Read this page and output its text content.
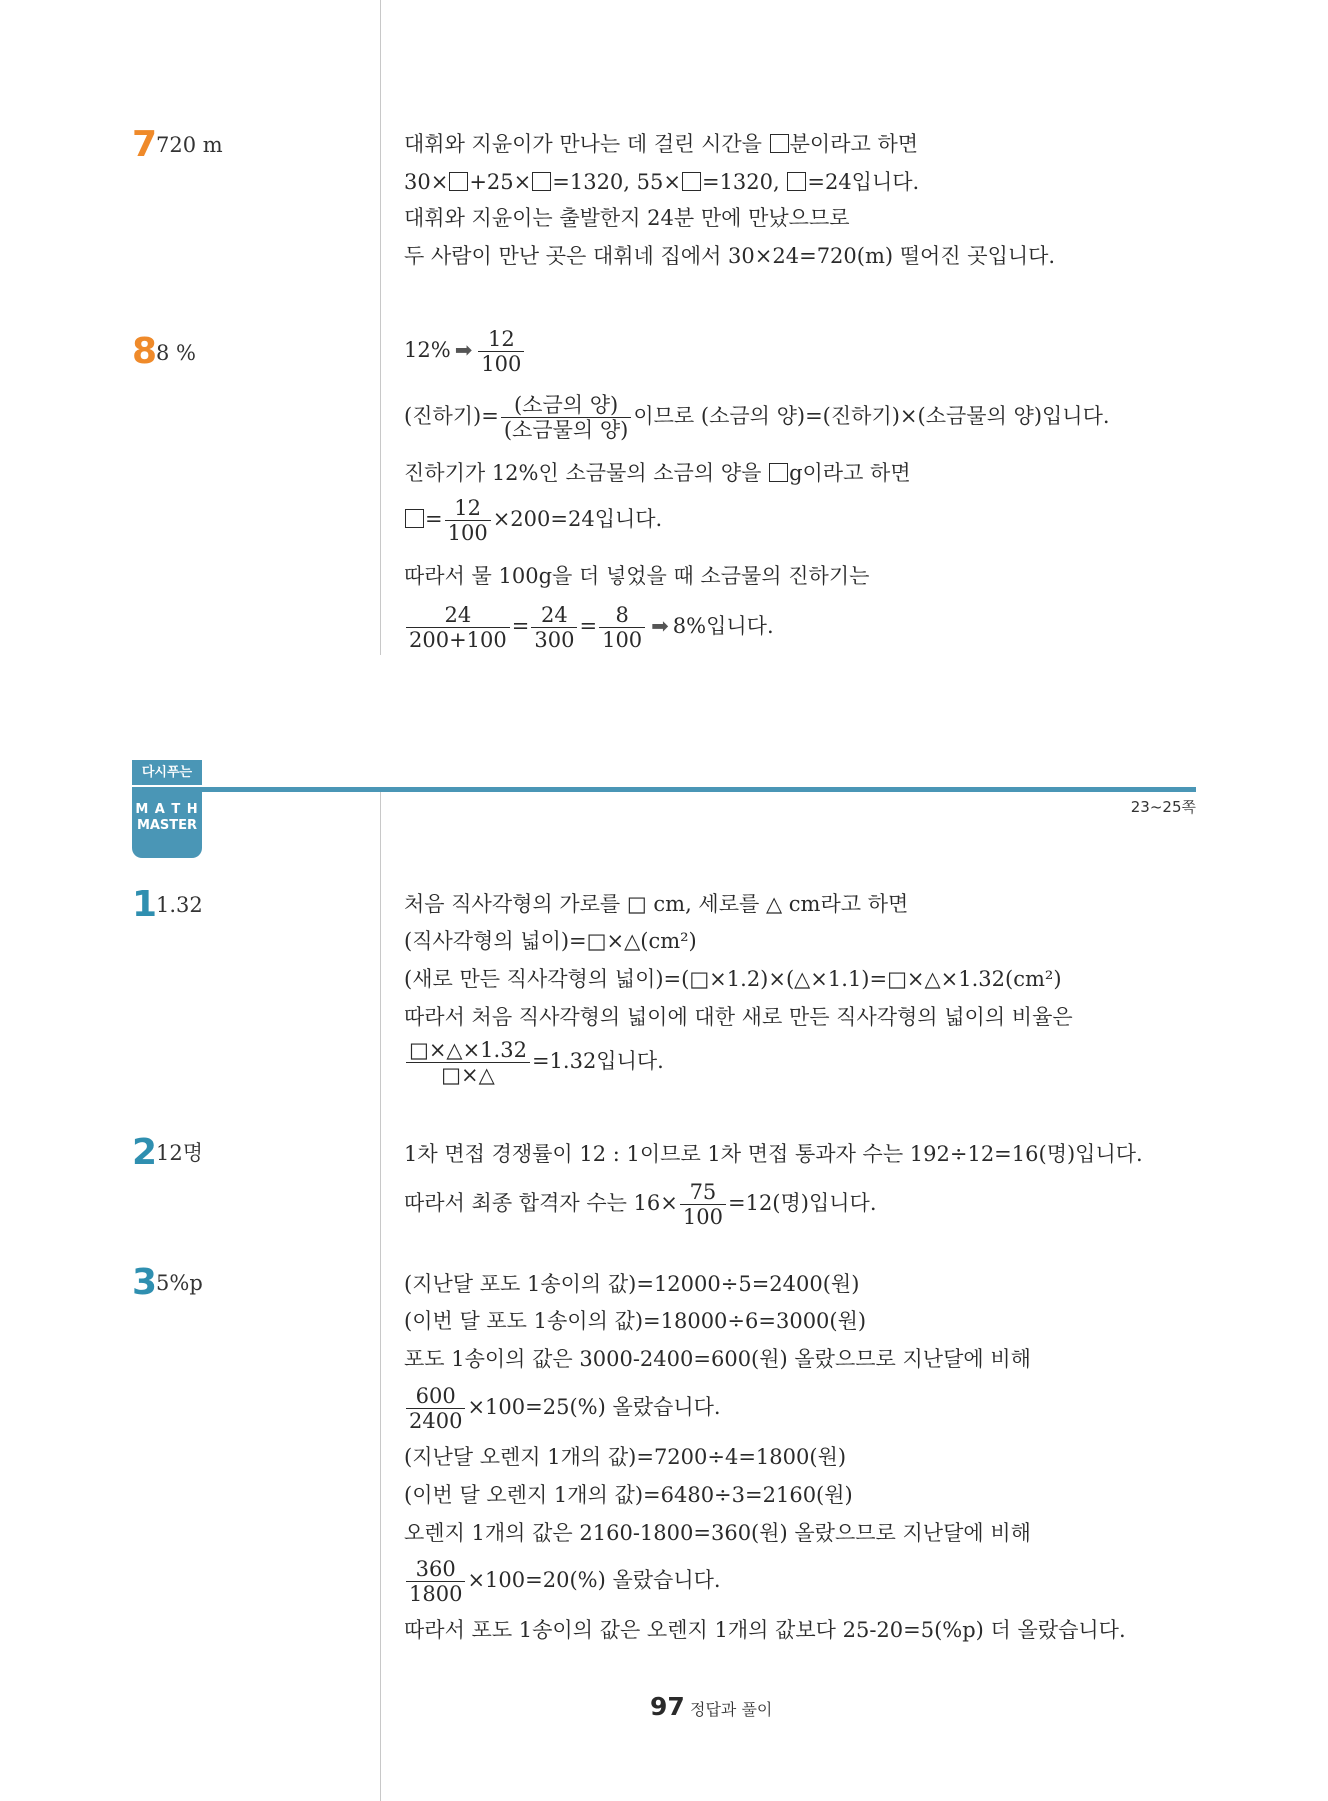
7
720 m	대휘와 지윤이가 만나는 데 걸린 시간을 분이라고 하면
30× +25× =1320, 55× =1320, =24입니다.
대휘와 지윤이는 출발한지 24분 만에 만났으므로
두 사람이 만난 곳은 대휘네 집에서 30×24=720(m) 떨어진 곳입니다.
8
8 %	12% ➡ $\frac{12}{100}$
(진하기)= $\frac{\text{(소금의 양)}}{\text{(소금물의 양)}}$ 이므로 (소금의 양)=(진하기)×(소금물의 양)입니다.
진하기가 12%인 소금물의 소금의 양을 g이라고 하면
= $\frac{12}{100} \times 200=24$입니다.
따라서 물 100g을 더 넣었을 때 소금물의 진하기는
$\frac{24}{200+100} = \frac{24}{300} = \frac{8}{100}$ ➡ 8%입니다.
다시푸는
M A T H
MASTER
23~25쪽
1
1.32	처음 직사각형의 가로를 □ cm, 세로를 △ cm라고 하면
(직사각형의 넓이)=□×△(cm²)
(새로 만든 직사각형의 넓이)=(□×1.2)×(△×1.1)=□×△×1.32(cm²)
따라서 처음 직사각형의 넓이에 대한 새로 만든 직사각형의 넓이의 비율은
$\frac{□\times\triangle\times 1.32}{□\times\triangle} =1.32$입니다.
2
12명	1차 면접 경쟁률이 12 : 1이므로 1차 면접 통과자 수는 192÷12=16(명)입니다.
따라서 최종 합격자 수는 $16\times \frac{75}{100} =12$(명)입니다.
3
5%p	(지난달 포도 1송이의 값)=12000÷5=2400(원)
(이번 달 포도 1송이의 값)=18000÷6=3000(원)
포도 1송이의 값은 3000-2400=600(원) 올랐으므로 지난달에 비해
$\frac{600}{2400} \times 100=25(\%)$ 올랐습니다.
(지난달 오렌지 1개의 값)=7200÷4=1800(원)
(이번 달 오렌지 1개의 값)=6480÷3=2160(원)
오렌지 1개의 값은 2160-1800=360(원) 올랐으므로 지난달에 비해
$\frac{360}{1800} \times 100=20(\%)$ 올랐습니다.
따라서 포도 1송이의 값은 오렌지 1개의 값보다 25-20=5(%p) 더 올랐습니다.
97 정답과 풀이
